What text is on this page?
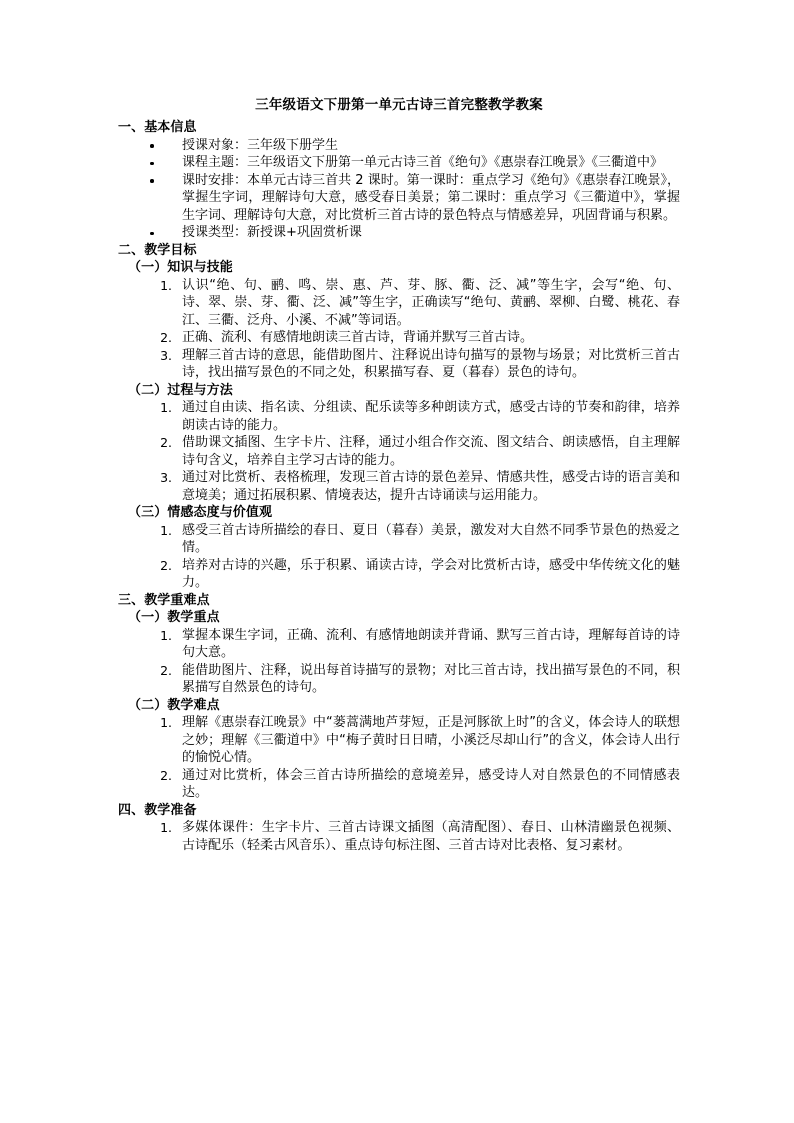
三年级语文下册第一单元古诗三首完整教学教案
一、基本信息
授课对象：三年级下册学生
课程主题：三年级语文下册第一单元古诗三首《绝句》《惠崇春江晚景》《三衢道中》
课时安排：本单元古诗三首共 2 课时。第一课时：重点学习《绝句》《惠崇春江晚景》，掌握生字词，理解诗句大意，感受春日美景；第二课时：重点学习《三衢道中》，掌握生字词、理解诗句大意，对比赏析三首古诗的景色特点与情感差异，巩固背诵与积累。
授课类型：新授课+巩固赏析课
二、教学目标
（一）知识与技能
认识“绝、句、鹂、鸣、崇、惠、芦、芽、豚、衢、泛、减”等生字，会写“绝、句、诗、翠、崇、芽、衢、泛、减”等生字，正确读写“绝句、黄鹂、翠柳、白鹭、桃花、春江、三衢、泛舟、小溪、不减”等词语。
正确、流利、有感情地朗读三首古诗，背诵并默写三首古诗。
理解三首古诗的意思，能借助图片、注释说出诗句描写的景物与场景；对比赏析三首古诗，找出描写景色的不同之处，积累描写春、夏（暮春）景色的诗句。
（二）过程与方法
通过自由读、指名读、分组读、配乐读等多种朗读方式，感受古诗的节奏和韵律，培养朗读古诗的能力。
借助课文插图、生字卡片、注释，通过小组合作交流、图文结合、朗读感悟，自主理解诗句含义，培养自主学习古诗的能力。
通过对比赏析、表格梳理，发现三首古诗的景色差异、情感共性，感受古诗的语言美和意境美；通过拓展积累、情境表达，提升古诗诵读与运用能力。
（三）情感态度与价值观
感受三首古诗所描绘的春日、夏日（暮春）美景，激发对大自然不同季节景色的热爱之情。
培养对古诗的兴趣，乐于积累、诵读古诗，学会对比赏析古诗，感受中华传统文化的魅力。
三、教学重难点
（一）教学重点
掌握本课生字词，正确、流利、有感情地朗读并背诵、默写三首古诗，理解每首诗的诗句大意。
能借助图片、注释，说出每首诗描写的景物；对比三首古诗，找出描写景色的不同，积累描写自然景色的诗句。
（二）教学难点
理解《惠崇春江晚景》中“蒌蒿满地芦芽短，正是河豚欲上时”的含义，体会诗人的联想之妙；理解《三衢道中》中“梅子黄时日日晴，小溪泛尽却山行”的含义，体会诗人出行的愉悦心情。
通过对比赏析，体会三首古诗所描绘的意境差异，感受诗人对自然景色的不同情感表达。
四、教学准备
多媒体课件：生字卡片、三首古诗课文插图（高清配图）、春日、山林清幽景色视频、古诗配乐（轻柔古风音乐）、重点诗句标注图、三首古诗对比表格、复习素材。
